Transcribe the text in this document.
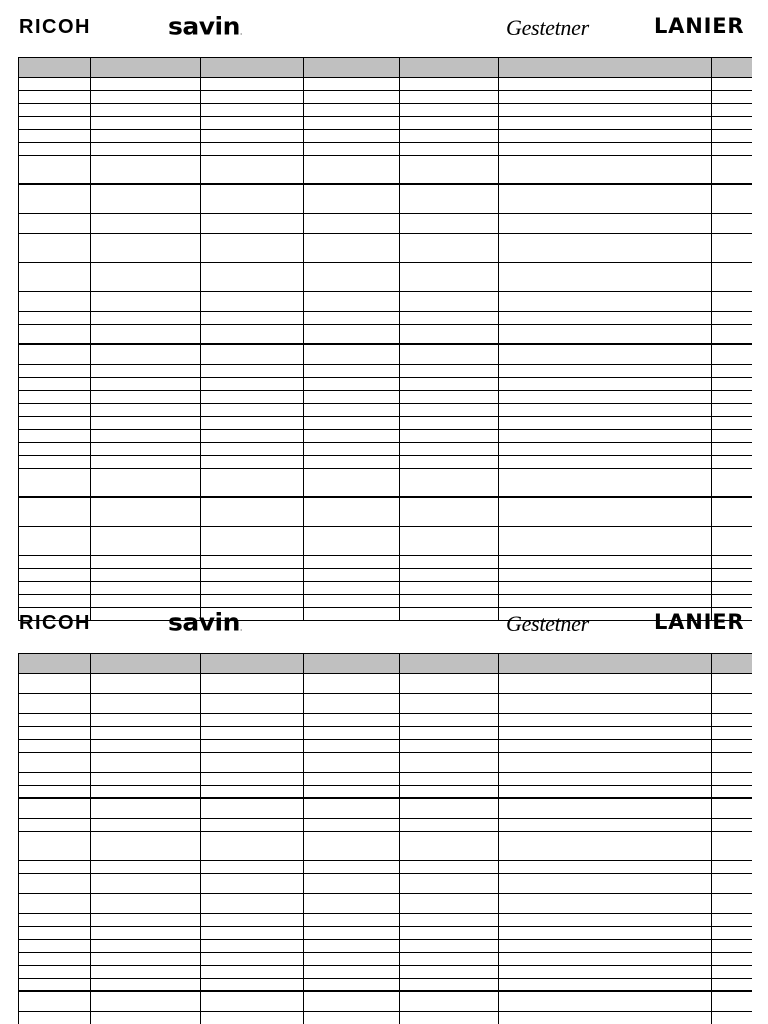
RICOH	savin.	Gestetner	LANIER
RICOH	savin.	Gestetner	LANIER
